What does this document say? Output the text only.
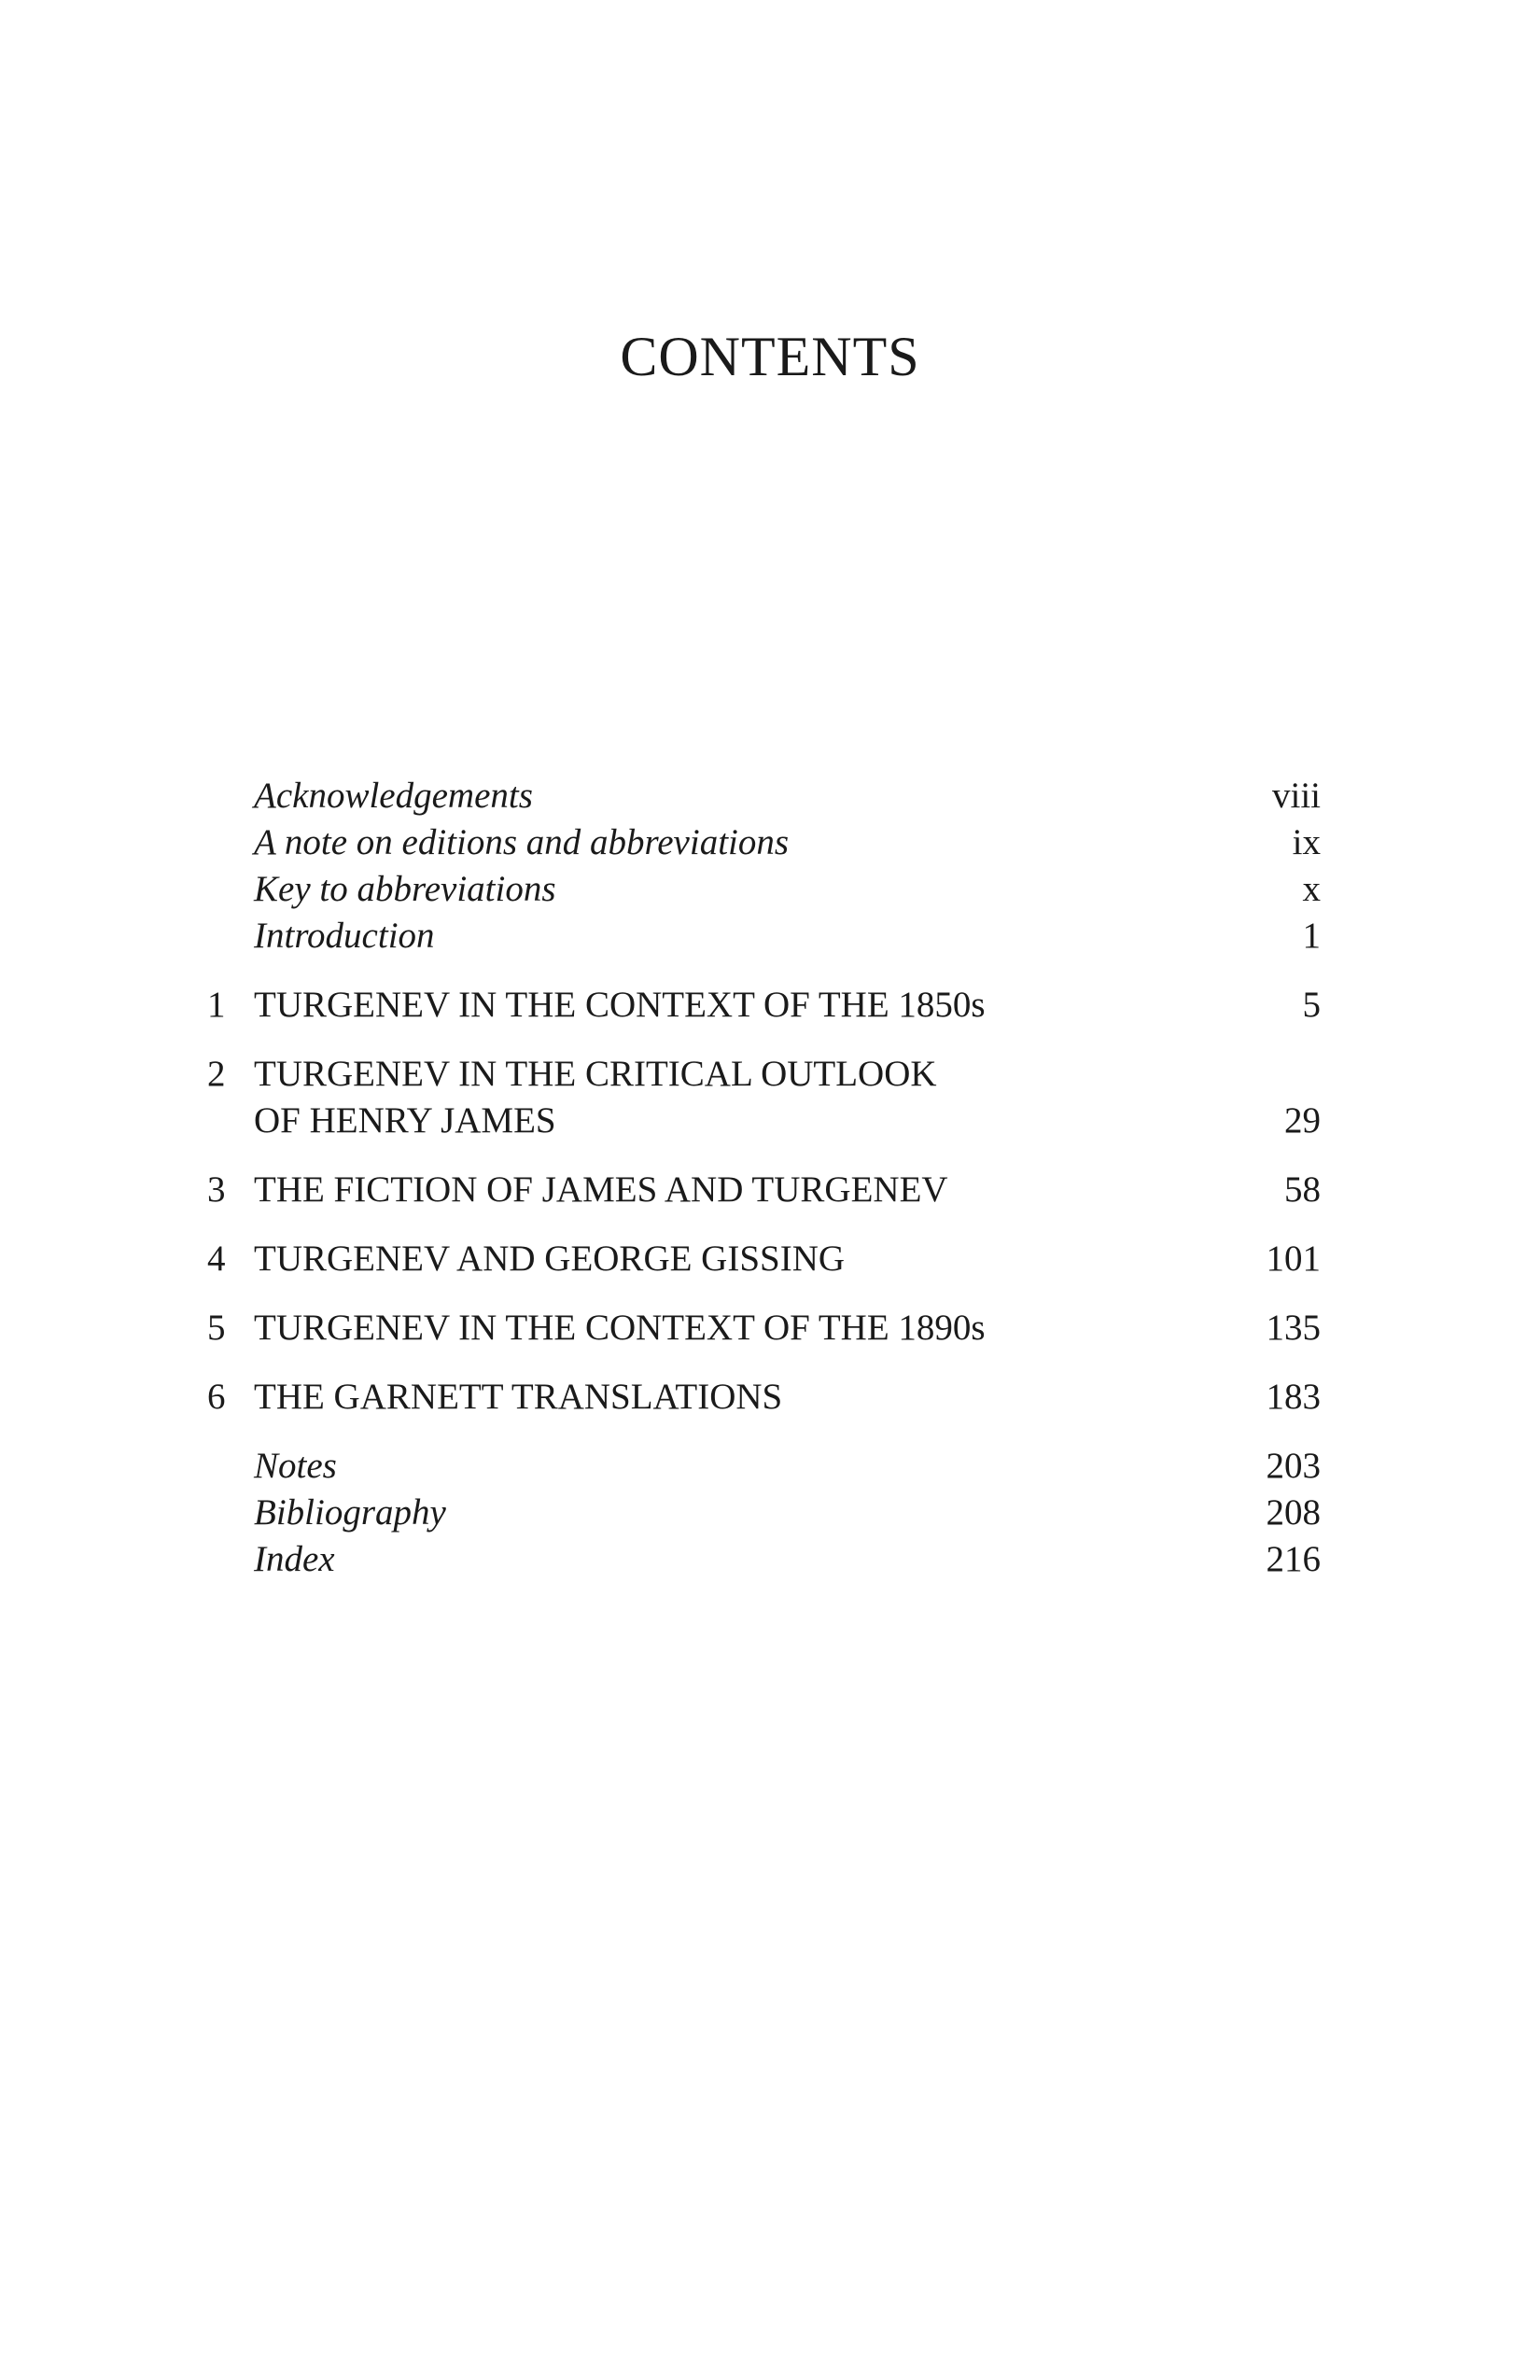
CONTENTS
Acknowledgements	viii
A note on editions and abbreviations	ix
Key to abbreviations	x
Introduction	1
1 TURGENEV IN THE CONTEXT OF THE 1850s	5
2 TURGENEV IN THE CRITICAL OUTLOOK
OF HENRY JAMES	29
3 THE FICTION OF JAMES AND TURGENEV	58
4 TURGENEV AND GEORGE GISSING	101
5 TURGENEV IN THE CONTEXT OF THE 1890s	135
6 THE GARNETT TRANSLATIONS	183
Notes	203
Bibliography	208
Index	216
